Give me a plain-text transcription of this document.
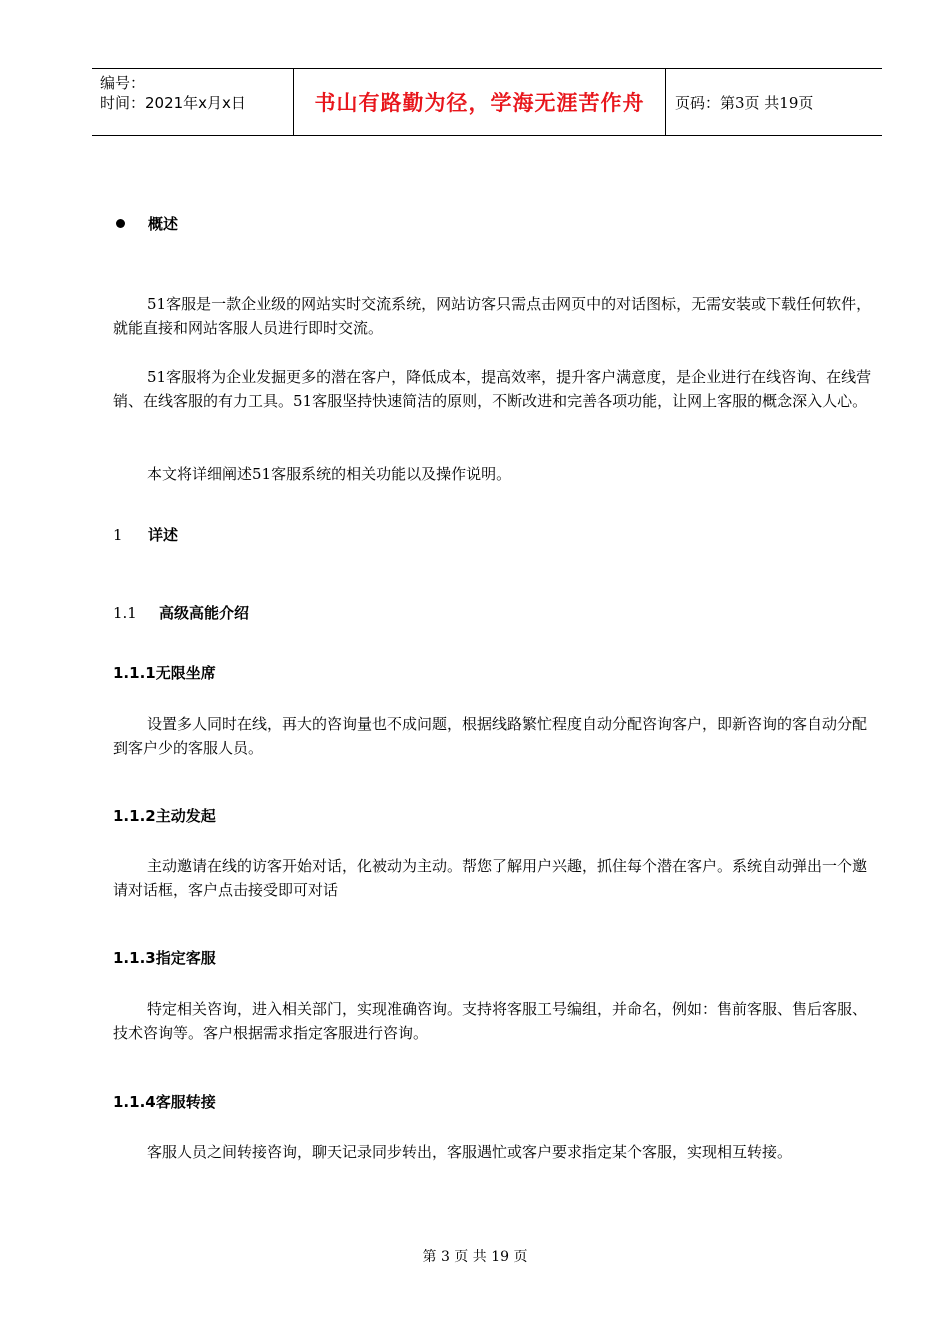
编号：
时间：2021年x月x日	书山有路勤为径，学海无涯苦作舟 页码：第3页 共19页
概述
51客服是一款企业级的网站实时交流系统，网站访客只需点击网页中的对话图标，无需安装或下载任何软件，就能直接和网站客服人员进行即时交流。
51客服将为企业发掘更多的潜在客户，降低成本，提高效率，提升客户满意度，是企业进行在线咨询、在线营销、在线客服的有力工具。51客服坚持快速简洁的原则，不断改进和完善各项功能，让网上客服的概念深入人心。
本文将详细阐述51客服系统的相关功能以及操作说明。
1 详述
1.1 高级高能介绍
1.1.1无限坐席
设置多人同时在线，再大的咨询量也不成问题，根据线路繁忙程度自动分配咨询客户，即新咨询的客自动分配到客户少的客服人员。
1.1.2主动发起
主动邀请在线的访客开始对话，化被动为主动。帮您了解用户兴趣，抓住每个潜在客户。系统自动弹出一个邀请对话框，客户点击接受即可对话
1.1.3指定客服
特定相关咨询，进入相关部门，实现准确咨询。支持将客服工号编组，并命名，例如：售前客服、售后客服、技术咨询等。客户根据需求指定客服进行咨询。
1.1.4客服转接
客服人员之间转接咨询，聊天记录同步转出，客服遇忙或客户要求指定某个客服，实现相互转接。
第 3 页 共 19 页
